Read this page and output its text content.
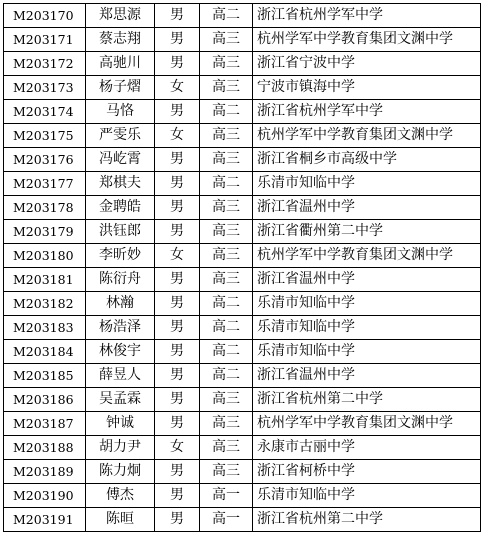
M203170	郑思源	男	高二	浙江省杭州学军中学
M203171	蔡志翔	男	高三	杭州学军中学教育集团文渊中学
M203172	高驰川	男	高三	浙江省宁波中学
M203173	杨子熠	女	高三	宁波市镇海中学
M203174	马恪	男	高二	浙江省杭州学军中学
M203175	严雯乐	女	高三	杭州学军中学教育集团文渊中学
M203176	冯屹霄	男	高三	浙江省桐乡市高级中学
M203177	郑棋夫	男	高二	乐清市知临中学
M203178	金聘皓	男	高三	浙江省温州中学
M203179	洪钰郎	男	高三	浙江省衢州第二中学
M203180	李昕妙	女	高三	杭州学军中学教育集团文渊中学
M203181	陈衍舟	男	高三	浙江省温州中学
M203182	林瀚	男	高二	乐清市知临中学
M203183	杨浩泽	男	高二	乐清市知临中学
M203184	林俊宇	男	高二	乐清市知临中学
M203185	薛昱人	男	高二	浙江省温州中学
M203186	吴孟霖	男	高三	浙江省杭州第二中学
M203187	钟诚	男	高三	杭州学军中学教育集团文渊中学
M203188	胡力尹	女	高三	永康市古丽中学
M203189	陈力炯	男	高三	浙江省柯桥中学
M203190	傅杰	男	高一	乐清市知临中学
M203191	陈晅	男	高一	浙江省杭州第二中学
